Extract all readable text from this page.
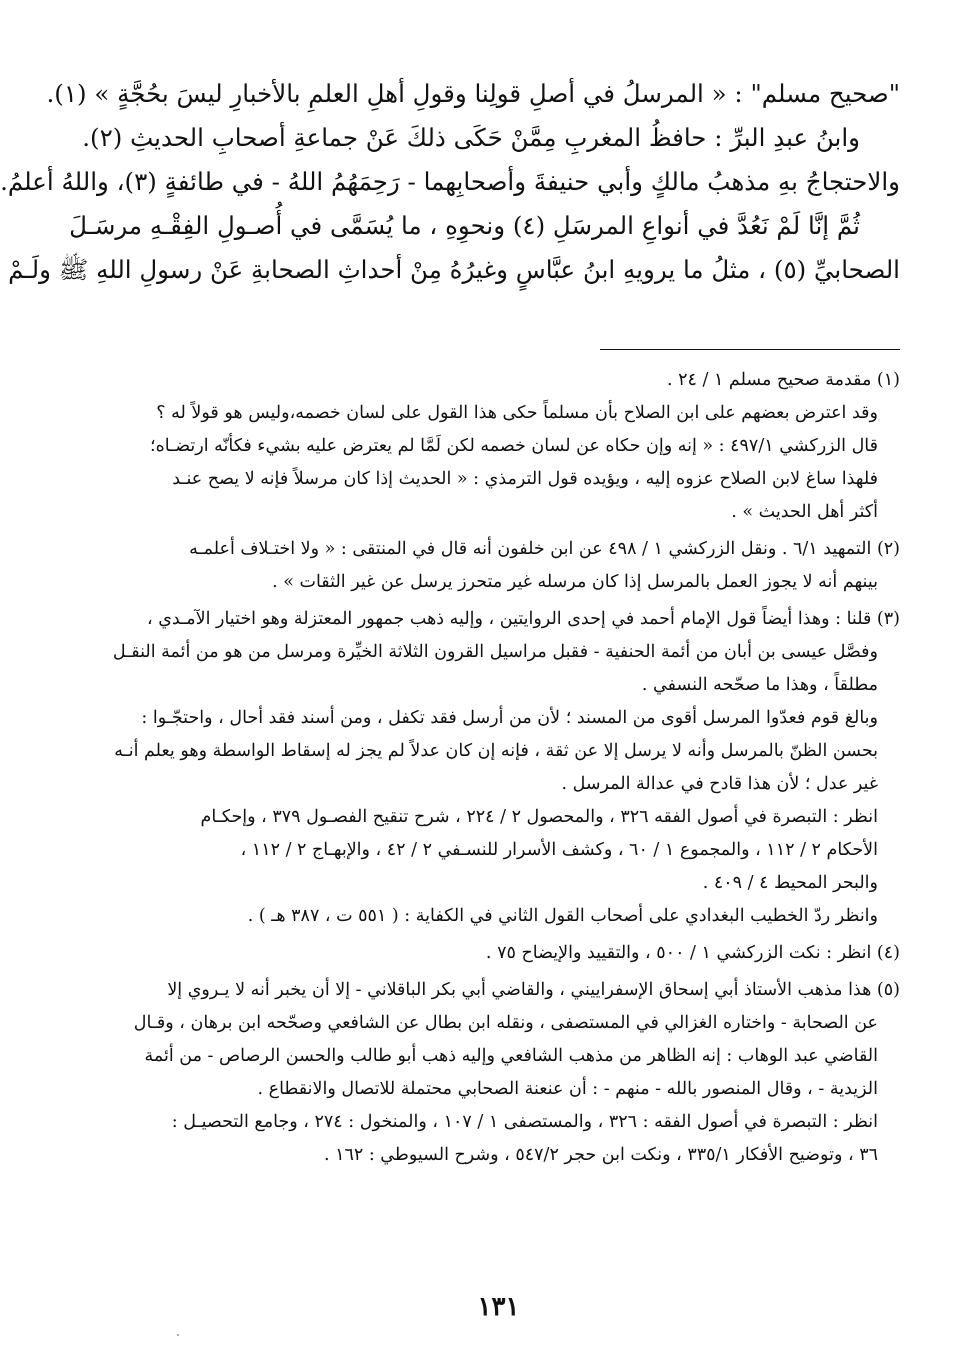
"صحيح مسلم" : « المرسلُ في أصلِ قولِنا وقولِ أهلِ العلمِ بالأخبارِ ليسَ بحُجَّةٍ » (١).

وابنُ عبدِ البرِّ : حافظُ المغربِ مِمَّنْ حَكَى ذلكَ عَنْ جماعةِ أصحابِ الحديثِ (٢).

والاحتجاجُ بهِ مذهبُ مالكٍ وأبي حنيفةَ وأصحابِهما - رَحِمَهُمُ اللهُ - في طائفةٍ (٣)، واللهُ أعلمُ.

ثُمَّ إنَّا لَمْ نَعُدَّ في أنواعِ المرسَلِ (٤) ونحوِهِ ، ما يُسَمَّى في أُصـولِ الفِقْـهِ مرسَـلَ

الصحابيِّ (٥) ، مثلُ ما يرويهِ ابنُ عبَّاسٍ وغيرُهُ مِنْ أحداثِ الصحابةِ عَنْ رسولِ اللهِ ﷺ ولَـمْ

(١) مقدمة صحيح مسلم ١ / ٢٤ .

وقد اعترض بعضهم على ابن الصلاح بأن مسلماً حكى هذا القول على لسان خصمه،وليس هو قولاً له ؟

قال الزركشي ٤٩٧/١ : « إنه وإن حكاه عن لسان خصمه لكن لَمَّا لم يعترض عليه بشيء فكأنّه ارتضـاه؛

فلهذا ساغ لابن الصلاح عزوه إليه ، ويؤيده قول الترمذي : « الحديث إذا كان مرسلاً فإنه لا يصح عنـد

أكثر أهل الحديث » .

(٢) التمهيد ٦/١ . ونقل الزركشي ١ / ٤٩٨ عن ابن خلفون أنه قال في المنتقى : « ولا اختـلاف أعلمـه

بينهم أنه لا يجوز العمل بالمرسل إذا كان مرسله غير متحرز يرسل عن غير الثقات » .

(٣) قلنا : وهذا أيضاً قول الإمام أحمد في إحدى الروايتين ، وإليه ذهب جمهور المعتزلة وهو اختيار الآمـدي ،

وفصَّل عيسى بن أبان من أئمة الحنفية - فقبل مراسيل القرون الثلاثة الخيِّرة ومرسل من هو من أئمة النقـل

مطلقاً ، وهذا ما صحّحه النسفي .

وبالغ قوم فعدّوا المرسل أقوى من المسند ؛ لأن من أرسل فقد تكفل ، ومن أسند فقد أحال ، واحتجّـوا :

بحسن الظنّ بالمرسل وأنه لا يرسل إلا عن ثقة ، فإنه إن كان عدلاً لم يجز له إسقاط الواسطة وهو يعلم أنـه

غير عدل ؛ لأن هذا قادح في عدالة المرسل .

انظر : التبصرة في أصول الفقه ٣٢٦ ، والمحصول ٢ / ٢٢٤ ، شرح تنقيح الفصـول ٣٧٩ ، وإحكـام

الأحكام ٢ / ١١٢ ، والمجموع ١ / ٦٠ ، وكشف الأسرار للنسـفي ٢ / ٤٢ ، والإبهـاج ٢ / ١١٢ ،

والبحر المحيط ٤ / ٤٠٩ .

وانظر ردّ الخطيب البغدادي على أصحاب القول الثاني في الكفاية : ( ٥٥١ ت ، ٣٨٧ هـ ) .

(٤) انظر : نكت الزركشي ١ / ٥٠٠ ، والتقييد والإيضاح ٧٥ .

(٥) هذا مذهب الأستاذ أبي إسحاق الإسفراييني ، والقاضي أبي بكر الباقلاني - إلا أن يخبر أنه لا يـروي إلا

عن الصحابة - واختاره الغزالي في المستصفى ، ونقله ابن بطال عن الشافعي وصحّحه ابن برهان ، وقـال

القاضي عبد الوهاب : إنه الظاهر من مذهب الشافعي وإليه ذهب أبو طالب والحسن الرصاص - من أئمة

الزيدية - ، وقال المنصور بالله - منهم - : أن عنعنة الصحابي محتملة للاتصال والانقطاع .

انظر : التبصرة في أصول الفقه : ٣٢٦ ، والمستصفى ١ / ١٠٧ ، والمنخول : ٢٧٤ ، وجامع التحصيـل :

٣٦ ، وتوضيح الأفكار ٣٣٥/١ ، ونكت ابن حجر ٥٤٧/٢ ، وشرح السيوطي : ١٦٢ .

١٣١
